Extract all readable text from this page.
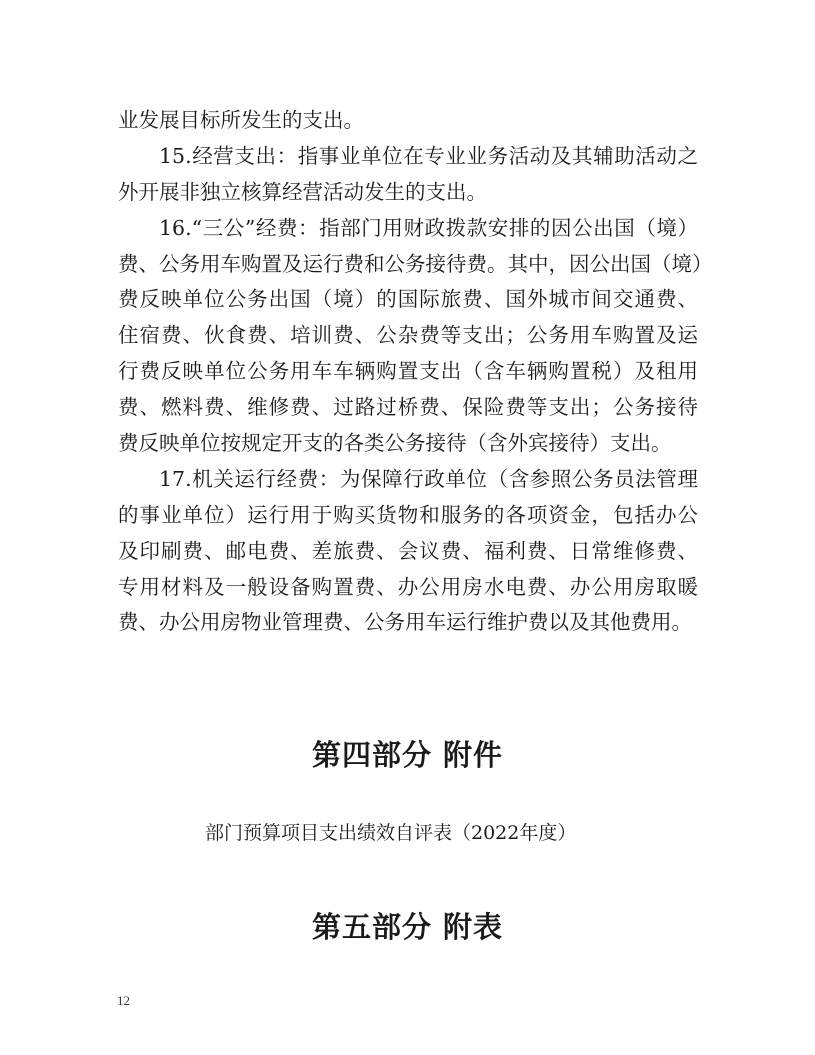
业发展目标所发生的支出。
15.经营支出：指事业单位在专业业务活动及其辅助活动之
外开展非独立核算经营活动发生的支出。
16.“三公”经费：指部门用财政拨款安排的因公出国（境）
费、公务用车购置及运行费和公务接待费。其中，因公出国（境）
费反映单位公务出国（境）的国际旅费、国外城市间交通费、
住宿费、伙食费、培训费、公杂费等支出；公务用车购置及运
行费反映单位公务用车车辆购置支出（含车辆购置税）及租用
费、燃料费、维修费、过路过桥费、保险费等支出；公务接待
费反映单位按规定开支的各类公务接待（含外宾接待）支出。
17.机关运行经费：为保障行政单位（含参照公务员法管理
的事业单位）运行用于购买货物和服务的各项资金，包括办公
及印刷费、邮电费、差旅费、会议费、福利费、日常维修费、
专用材料及一般设备购置费、办公用房水电费、办公用房取暖
费、办公用房物业管理费、公务用车运行维护费以及其他费用。
第四部分 附件
部门预算项目支出绩效自评表（2022年度）
第五部分 附表
12
